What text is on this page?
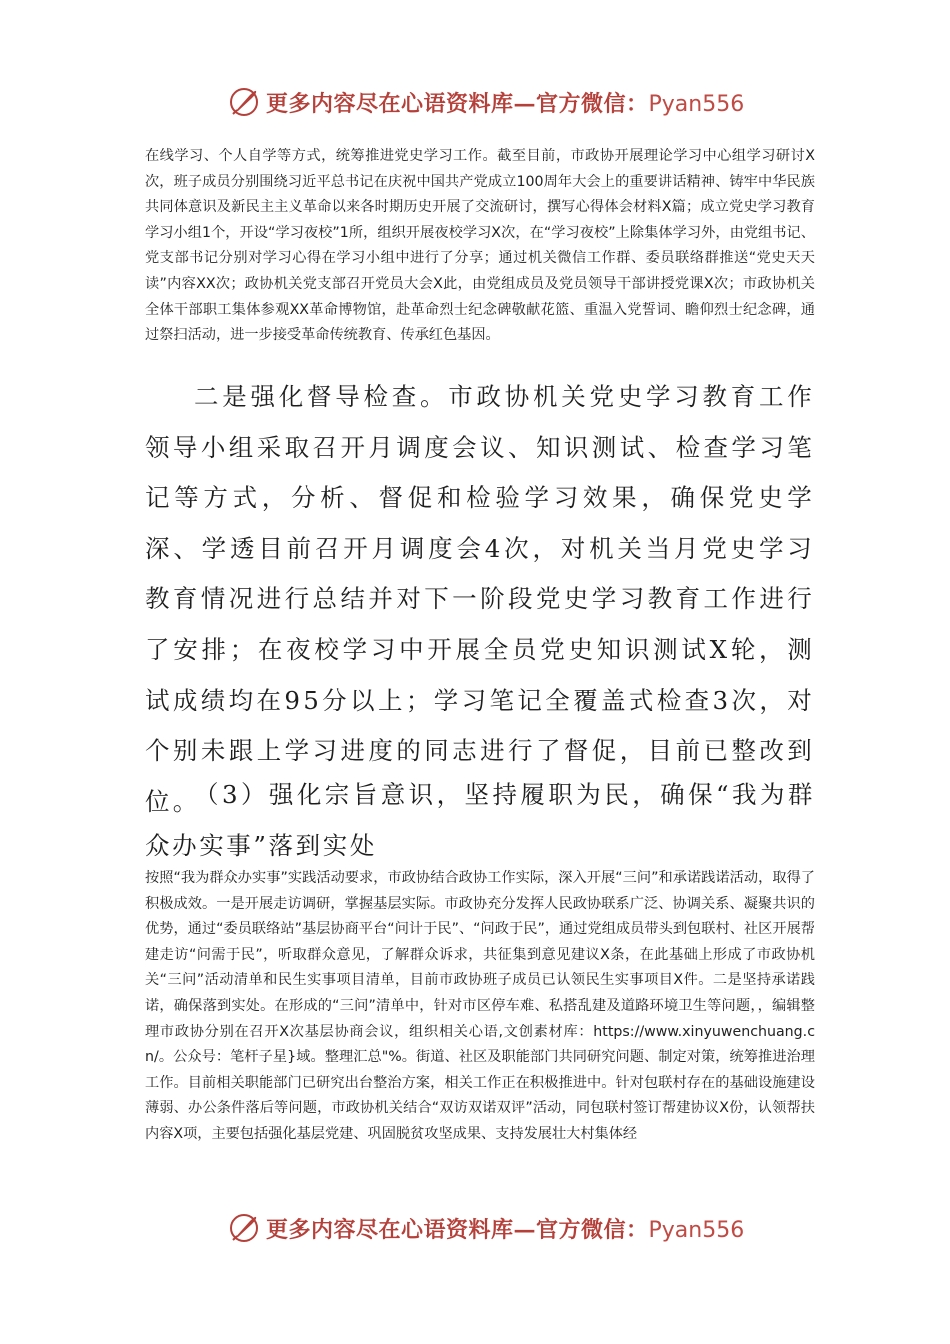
更多内容尽在心语资料库—官方微信：Pyan556
在线学习、个人自学等方式，统筹推进党史学习工作。截至目前，市政协开展理论学习中心组学习研讨X次，班子成员分别围绕习近平总书记在庆祝中国共产党成立100周年大会上的重要讲话精神、铸牢中华民族共同体意识及新民主主义革命以来各时期历史开展了交流研讨，撰写心得体会材料X篇；成立党史学习教育学习小组1个，开设“学习夜校”1所，组织开展夜校学习X次，在“学习夜校”上除集体学习外，由党组书记、党支部书记分别对学习心得在学习小组中进行了分享；通过机关微信工作群、委员联络群推送“党史天天读”内容XX次；政协机关党支部召开党员大会X此，由党组成员及党员领导干部讲授党课X次；市政协机关全体干部职工集体参观XX革命博物馆，赴革命烈士纪念碑敬献花篮、重温入党誓词、瞻仰烈士纪念碑，通过祭扫活动，进一步接受革命传统教育、传承红色基因。
二是强化督导检查。市政协机关党史学习教育工作领导小组采取召开月调度会议、知识测试、检查学习笔记等方式，分析、督促和检验学习效果，确保党史学深、学透目前召开月调度会4次，对机关当月党史学习教育情况进行总结并对下一阶段党史学习教育工作进行了安排；在夜校学习中开展全员党史知识测试X轮，测试成绩均在95分以上；学习笔记全覆盖式检查3次，对个别未跟上学习进度的同志进行了督促，目前已整改到位。
（3）强化宗旨意识，坚持履职为民，确保“我为群众办实事”落到实处
按照“我为群众办实事”实践活动要求，市政协结合政协工作实际，深入开展“三问”和承诺践诺活动，取得了积极成效。一是开展走访调研，掌握基层实际。市政协充分发挥人民政协联系广泛、协调关系、凝聚共识的优势，通过“委员联络站”基层协商平台“问计于民”、“问政于民”，通过党组成员带头到包联村、社区开展帮建走访“问需于民”，听取群众意见，了解群众诉求，共征集到意见建议X条，在此基础上形成了市政协机关“三问”活动清单和民生实事项目清单，目前市政协班子成员已认领民生实事项目X件。二是坚持承诺践诺，确保落到实处。在形成的“三问”清单中，针对市区停车难、私搭乱建及道路环境卫生等问题，，编辑整理市政协分别在召开X次基层协商会议，组织相关心语,文创素材库：https://www.xinyuwenchuang.cn/。公众号：笔杆子星}域。整理汇总"%。街道、社区及职能部门共同研究问题、制定对策，统筹推进治理工作。目前相关职能部门已研究出台整治方案，相关工作正在积极推进中。针对包联村存在的基础设施建设薄弱、办公条件落后等问题，市政协机关结合“双访双诺双评”活动，同包联村签订帮建协议X份，认领帮扶内容X项，主要包括强化基层党建、巩固脱贫攻坚成果、支持发展壮大村集体经
更多内容尽在心语资料库—官方微信：Pyan556
